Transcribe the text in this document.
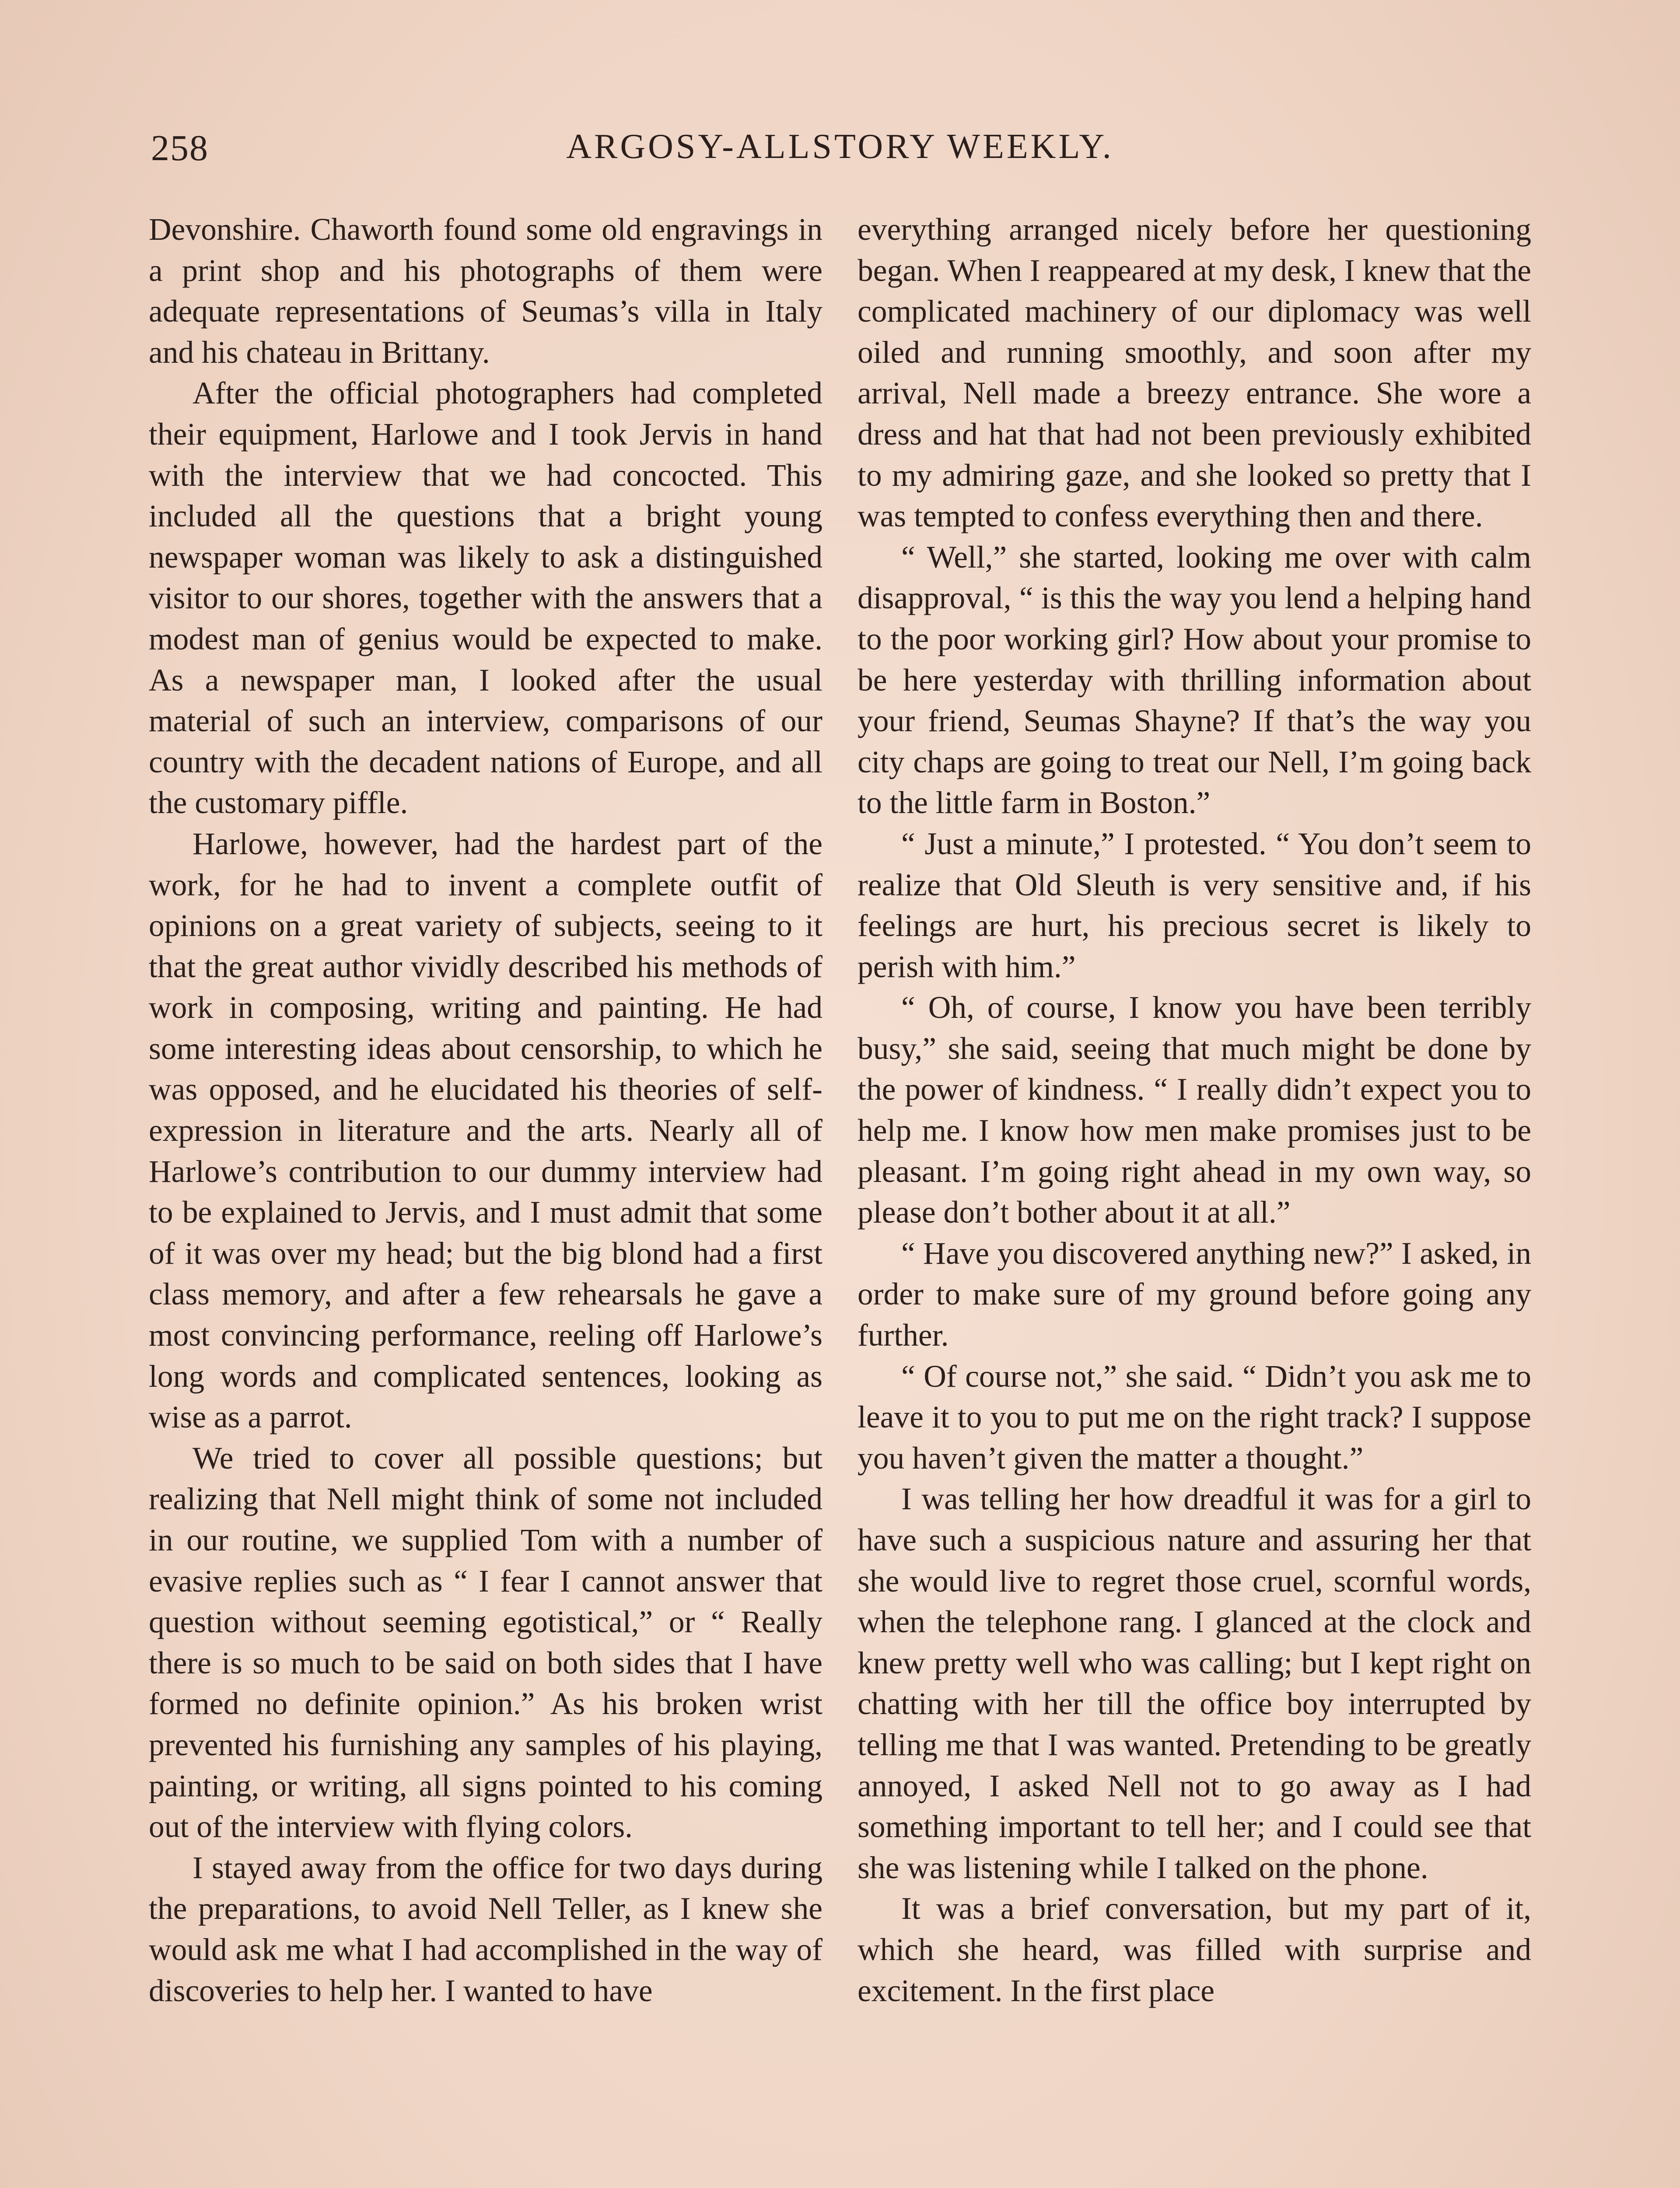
258	ARGOSY-ALLSTORY WEEKLY.

Devonshire. Chaworth found some old engravings in a print shop and his photographs of them were adequate representations of Seumas’s villa in Italy and his chateau in Brittany.

After the official photographers had completed their equipment, Harlowe and I took Jervis in hand with the interview that we had concocted. This included all the questions that a bright young newspaper woman was likely to ask a distinguished visitor to our shores, together with the answers that a modest man of genius would be expected to make. As a newspaper man, I looked after the usual material of such an interview, comparisons of our country with the decadent nations of Europe, and all the customary piffle.

Harlowe, however, had the hardest part of the work, for he had to invent a complete outfit of opinions on a great variety of subjects, seeing to it that the great author vividly described his methods of work in composing, writing and painting. He had some interesting ideas about censorship, to which he was opposed, and he elucidated his theories of self-expression in literature and the arts. Nearly all of Harlowe’s contribution to our dummy interview had to be explained to Jervis, and I must admit that some of it was over my head; but the big blond had a first class memory, and after a few rehearsals he gave a most convincing performance, reeling off Harlowe’s long words and complicated sentences, looking as wise as a parrot.

We tried to cover all possible questions; but realizing that Nell might think of some not included in our routine, we supplied Tom with a number of evasive replies such as “ I fear I cannot answer that question without seeming egotistical,” or “ Really there is so much to be said on both sides that I have formed no definite opinion.” As his broken wrist prevented his furnishing any samples of his playing, painting, or writing, all signs pointed to his coming out of the interview with flying colors.

I stayed away from the office for two days during the preparations, to avoid Nell Teller, as I knew she would ask me what I had accomplished in the way of discoveries to help her. I wanted to have

everything arranged nicely before her questioning began. When I reappeared at my desk, I knew that the complicated machinery of our diplomacy was well oiled and running smoothly, and soon after my arrival, Nell made a breezy entrance. She wore a dress and hat that had not been previously exhibited to my admiring gaze, and she looked so pretty that I was tempted to confess everything then and there.

“ Well,” she started, looking me over with calm disapproval, “ is this the way you lend a helping hand to the poor working girl? How about your promise to be here yesterday with thrilling information about your friend, Seumas Shayne? If that’s the way you city chaps are going to treat our Nell, I’m going back to the little farm in Boston.”

“ Just a minute,” I protested. “ You don’t seem to realize that Old Sleuth is very sensitive and, if his feelings are hurt, his precious secret is likely to perish with him.”

“ Oh, of course, I know you have been terribly busy,” she said, seeing that much might be done by the power of kindness. “ I really didn’t expect you to help me. I know how men make promises just to be pleasant. I’m going right ahead in my own way, so please don’t bother about it at all.”

“ Have you discovered anything new?” I asked, in order to make sure of my ground before going any further.

“ Of course not,” she said. “ Didn’t you ask me to leave it to you to put me on the right track? I suppose you haven’t given the matter a thought.”

I was telling her how dreadful it was for a girl to have such a suspicious nature and assuring her that she would live to regret those cruel, scornful words, when the telephone rang. I glanced at the clock and knew pretty well who was calling; but I kept right on chatting with her till the office boy interrupted by telling me that I was wanted. Pretending to be greatly annoyed, I asked Nell not to go away as I had something important to tell her; and I could see that she was listening while I talked on the phone.

It was a brief conversation, but my part of it, which she heard, was filled with surprise and excitement. In the first place
